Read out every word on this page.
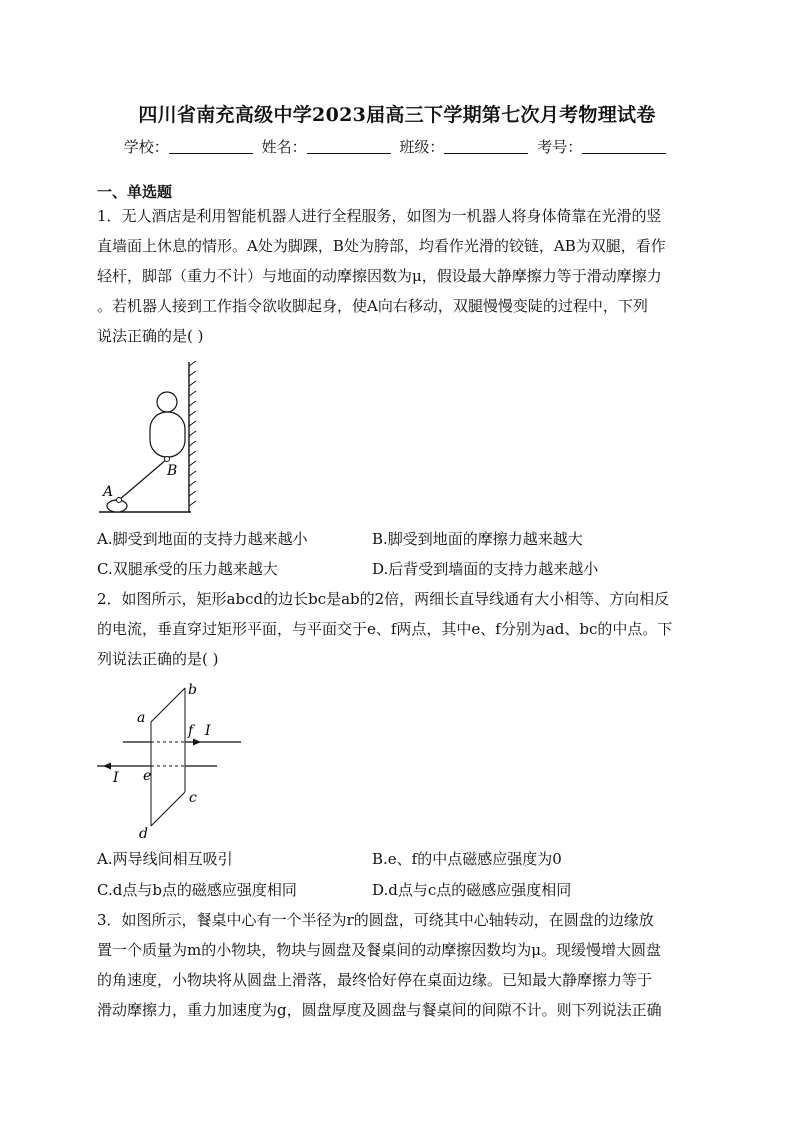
四川省南充高级中学2023届高三下学期第七次月考物理试卷
学校：	姓名：	班级：	考号：
一、单选题
1．无人酒店是利用智能机器人进行全程服务，如图为一机器人将身体倚靠在光滑的竖
直墙面上休息的情形。A处为脚踝，B处为胯部，均看作光滑的铰链，AB为双腿，看作
轻杆，脚部（重力不计）与地面的动摩擦因数为μ，假设最大静摩擦力等于滑动摩擦力
。若机器人接到工作指令欲收脚起身，使A向右移动，双腿慢慢变陡的过程中，下列
说法正确的是( )
B
A
A.脚受到地面的支持力越来越小	B.脚受到地面的摩擦力越来越大
C.双腿承受的压力越来越大	D.后背受到墙面的支持力越来越小
2．如图所示，矩形abcd的边长bc是ab的2倍，两细长直导线通有大小相等、方向相反
的电流，垂直穿过矩形平面，与平面交于e、f两点，其中e、f分别为ad、bc的中点。下
列说法正确的是( )
b
a
f I
e
I
c
d
A.两导线间相互吸引	B.e、f的中点磁感应强度为0
C.d点与b点的磁感应强度相同	D.d点与c点的磁感应强度相同
3．如图所示，餐桌中心有一个半径为r的圆盘，可绕其中心轴转动，在圆盘的边缘放
置一个质量为m的小物块，物块与圆盘及餐桌间的动摩擦因数均为μ。现缓慢增大圆盘
的角速度，小物块将从圆盘上滑落，最终恰好停在桌面边缘。已知最大静摩擦力等于
滑动摩擦力，重力加速度为g，圆盘厚度及圆盘与餐桌间的间隙不计。则下列说法正确
